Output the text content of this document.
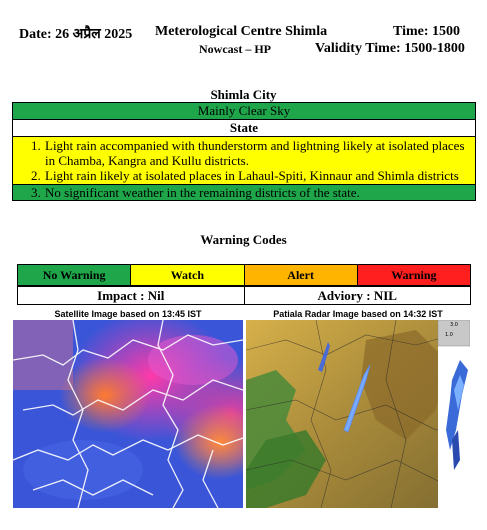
Date: 26 अप्रैल 2025 Meterological Centre Shimla	Time: 1500
Nowcast – HP	Validity Time: 1500-1800
Shimla City
Mainly Clear Sky
State
1. Light rain accompanied with thunderstorm and lightning likely at isolated places in Chamba, Kangra and Kullu districts.
2. Light rain likely at isolated places in Lahaul-Spiti, Kinnaur and Shimla districts
3. No significant weather in the remaining districts of the state.
Warning Codes
No Warning	Watch	Alert	Warning
Impact : Nil	Adviory : NIL
Satellite Image based on 13:45 IST	Patiala Radar Image based on 14:32 IST
3.0
1.0
